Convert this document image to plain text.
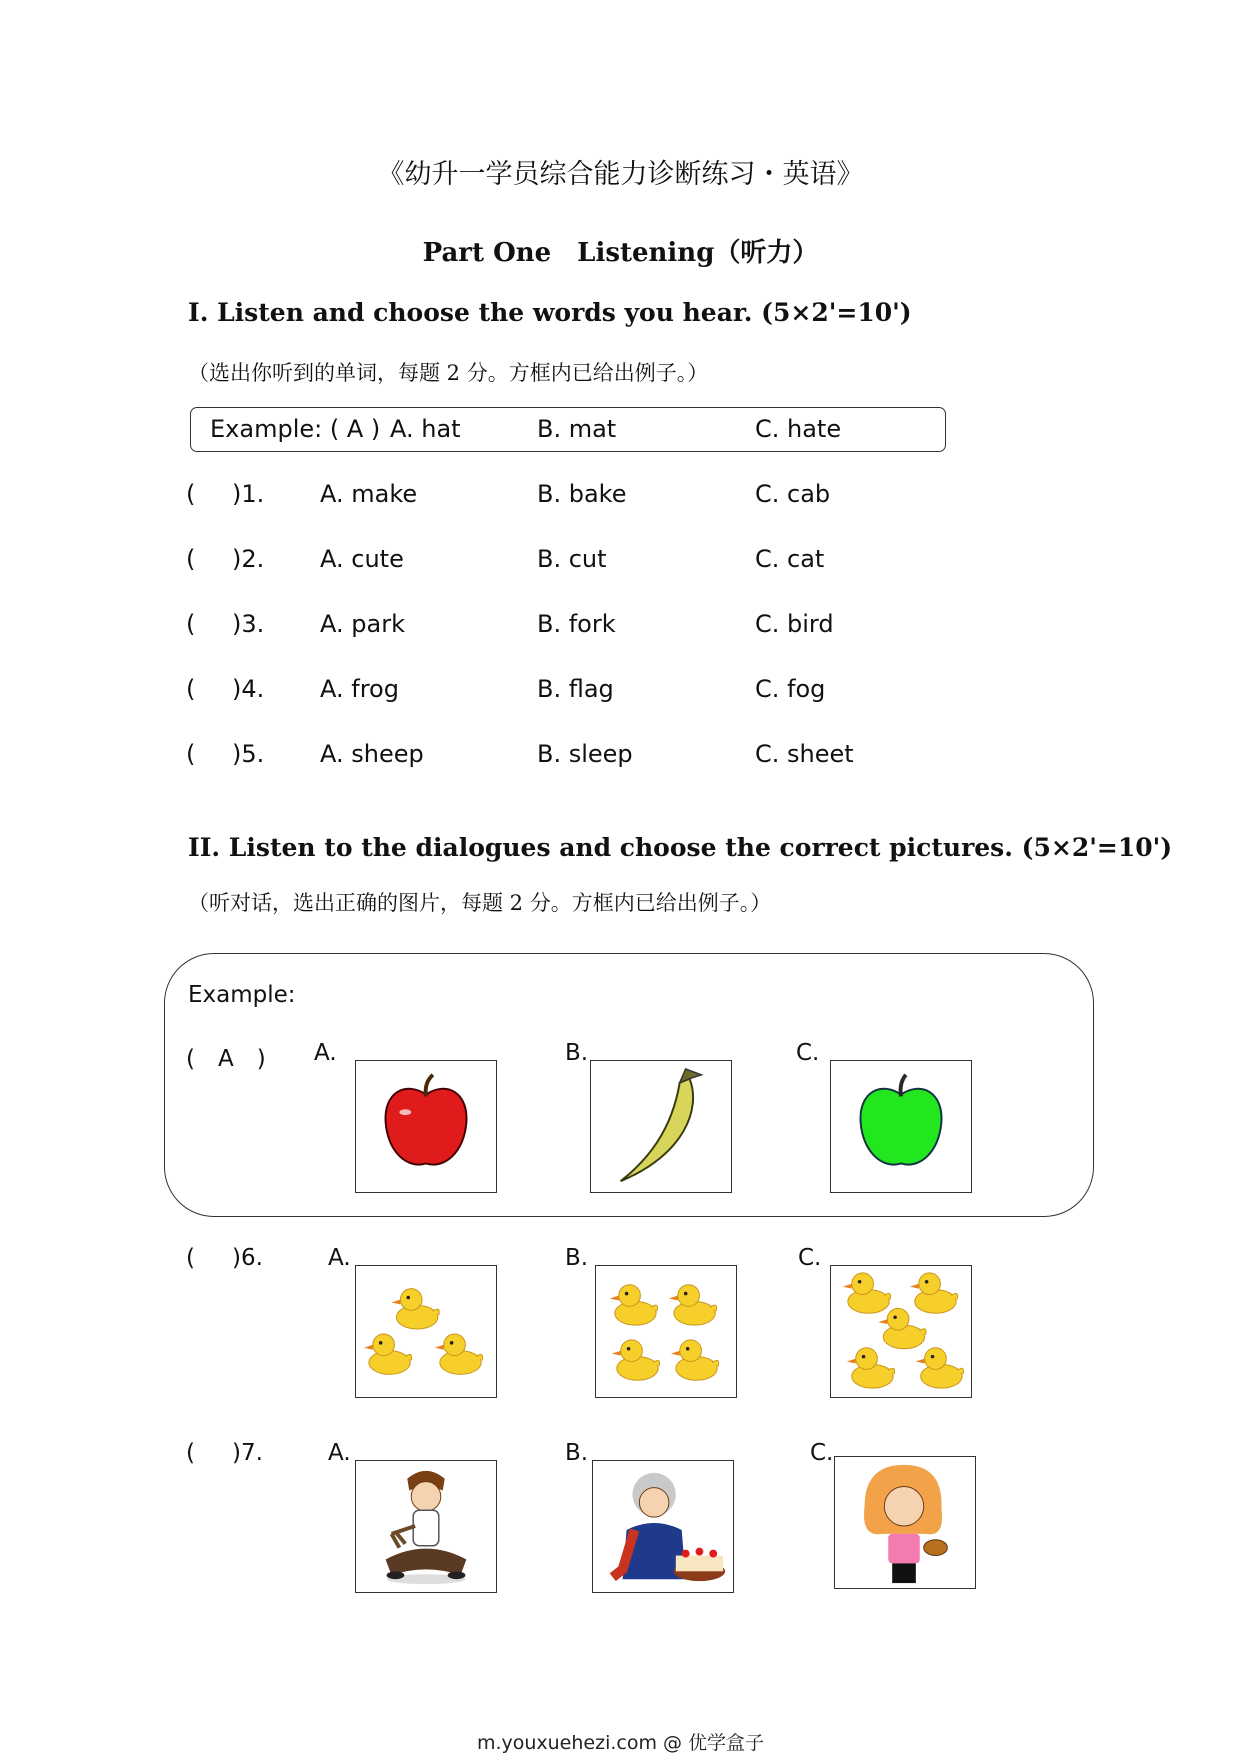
《幼升一学员综合能力诊断练习・英语》
Part One　Listening（听力）
I. Listen and choose the words you hear. (5×2'=10')
（选出你听到的单词，每题 2 分。方框内已给出例子。）
Example: ( A ) A. hat	B. mat	C. hate
( )1. A. make	B. bake	C. cab
( )2. A. cute	B. cut	C. cat
( )3. A. park	B. fork	C. bird
( )4. A. frog	B. flag	C. fog
( )5. A. sheep	B. sleep	C. sheet
II. Listen to the dialogues and choose the correct pictures. (5×2'=10')
（听对话，选出正确的图片，每题 2 分。方框内已给出例子。）
Example:
(　A　) A.	B.	C.
( )6.	A.	B.	C.
( )7.	A.	B.	C.
m.youxuehezi.com @ 优学盒子
